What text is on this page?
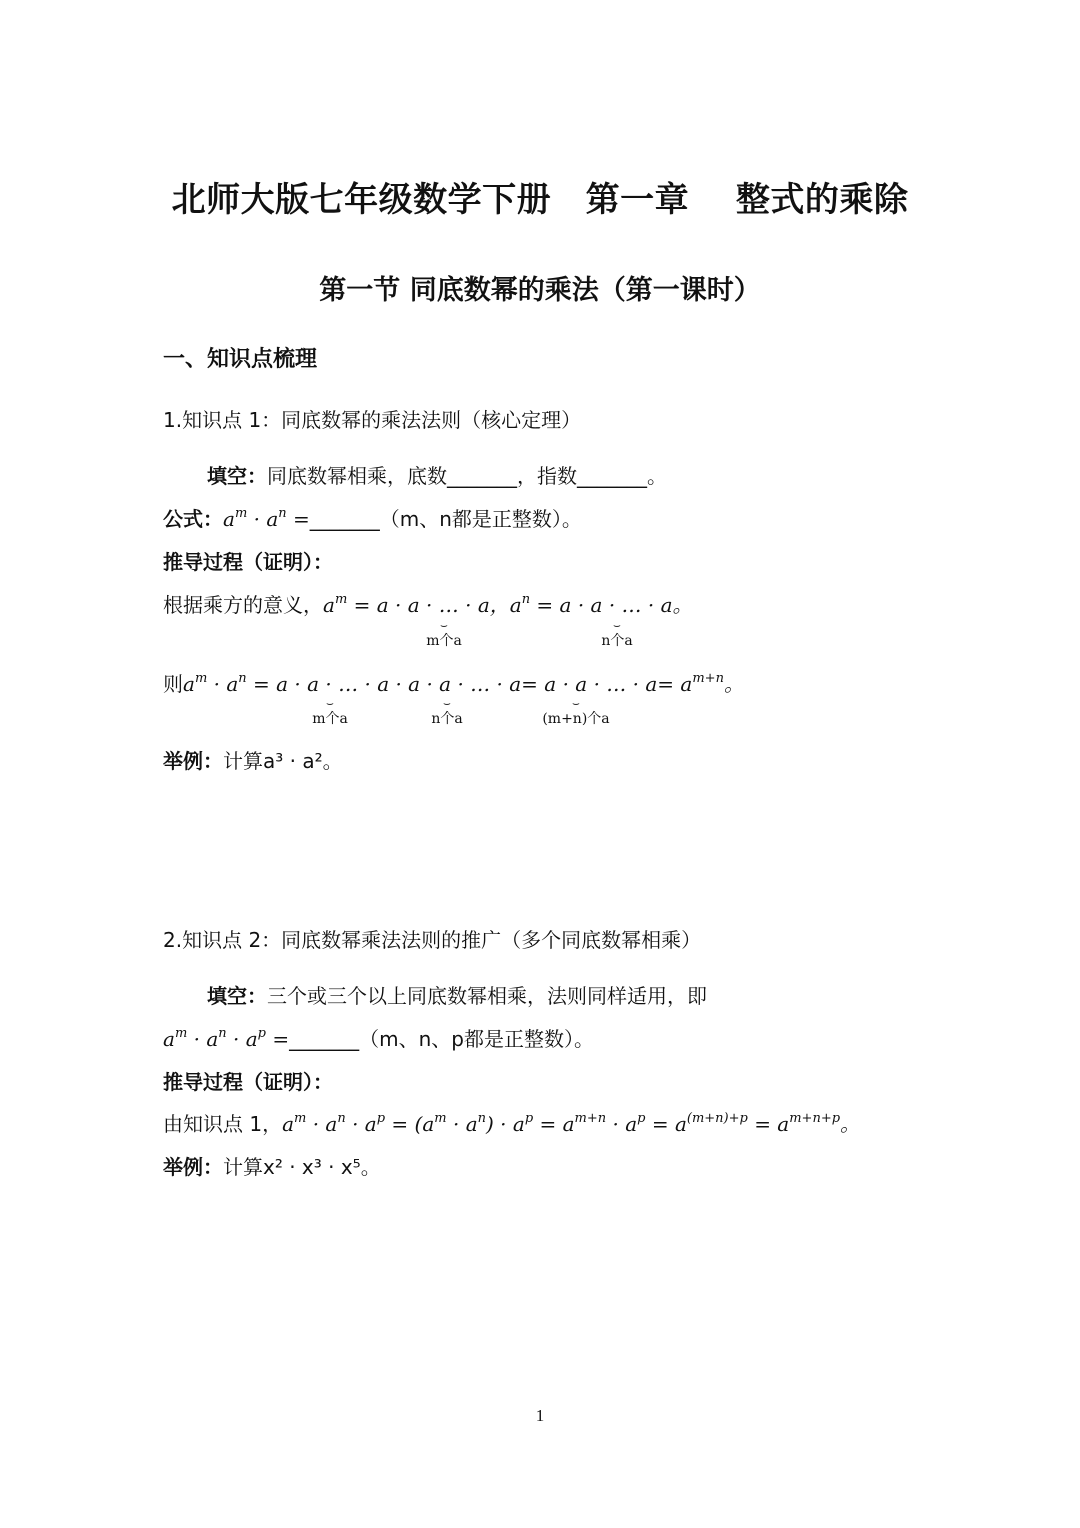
北师大版七年级数学下册　第一章　 整式的乘除
第一节 同底数幂的乘法（第一课时）
一、知识点梳理
1.知识点 1：同底数幂的乘法法则（核心定理）
填空：同底数幂相乘，底数_______，指数_______。
公式：$a^m \cdot a^n$ =_______（m、n都是正整数）。
推导过程（证明）：
根据乘方的意义，$a^m = a \cdot a$ · … · a，$a^n = a \cdot a$ · … · a。
⌣
m个a
⌣
n个a
则$a^m \cdot a^n = a \cdot a$ · … · a · a · a · … · a= a · a · … · $a= a^{m+n}$。
⌣
m个a
⌣
n个a
⌣
(m+n)个a
举例：计算a³ · a²。
2.知识点 2：同底数幂乘法法则的推广（多个同底数幂相乘）
填空：三个或三个以上同底数幂相乘，法则同样适用，即
$a^m \cdot a^n \cdot a^p$ =_______（m、n、p都是正整数）。
推导过程（证明）：
由知识点 1，$a^m \cdot a^n \cdot a^p = (a^m \cdot a^n) \cdot a^p = a^{m+n} \cdot a^p = a^{(m+n)+p} = a^{m+n+p}$。
举例：计算x² · x³ · x⁵。
1
